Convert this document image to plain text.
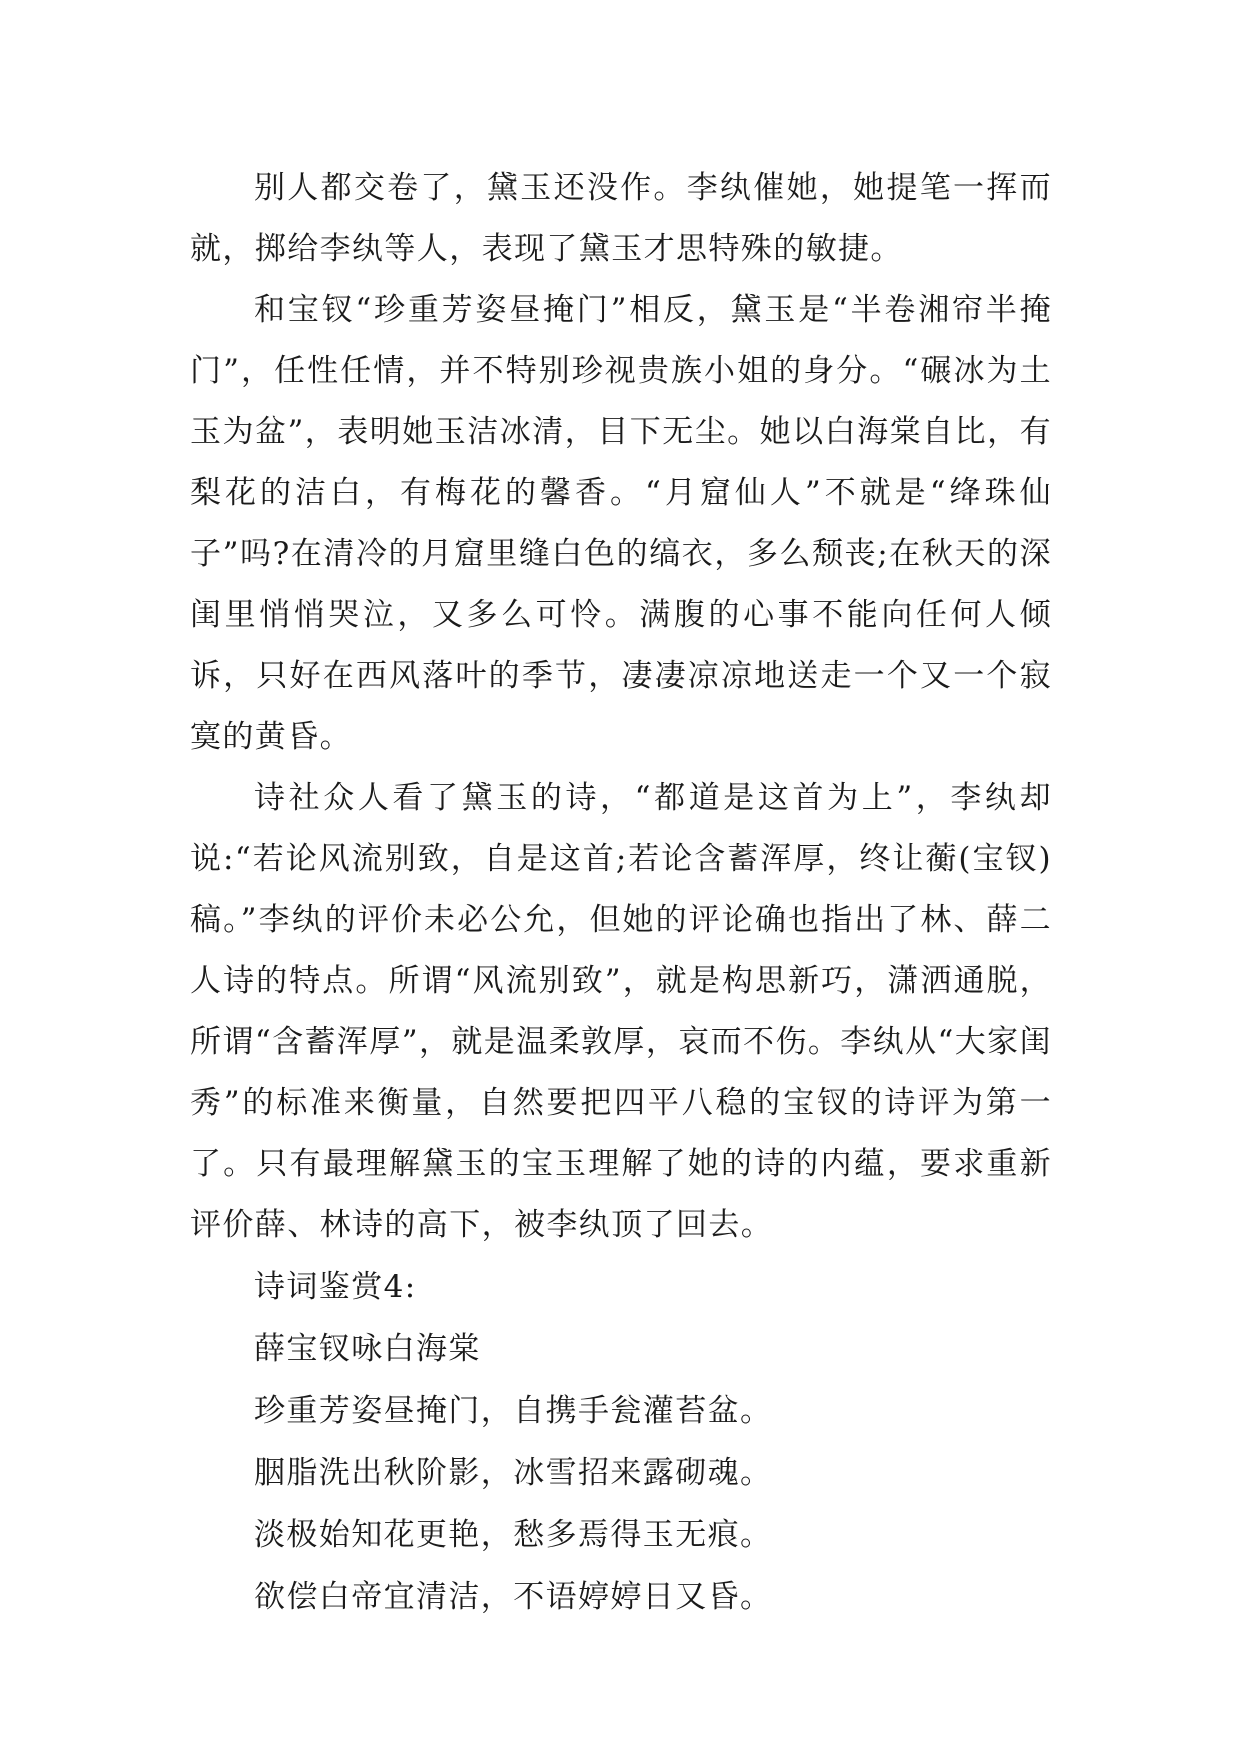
别人都交卷了，黛玉还没作。李纨催她，她提笔一挥而就，掷给李纨等人，表现了黛玉才思特殊的敏捷。

和宝钗“珍重芳姿昼掩门”相反，黛玉是“半卷湘帘半掩门”，任性任情，并不特别珍视贵族小姐的身分。“碾冰为土玉为盆”，表明她玉洁冰清，目下无尘。她以白海棠自比，有梨花的洁白，有梅花的馨香。“月窟仙人”不就是“绛珠仙子”吗?在清冷的月窟里缝白色的缟衣，多么颓丧;在秋天的深闺里悄悄哭泣，又多么可怜。满腹的心事不能向任何人倾诉，只好在西风落叶的季节，凄凄凉凉地送走一个又一个寂寞的黄昏。

诗社众人看了黛玉的诗，“都道是这首为上”，李纨却说:“若论风流别致，自是这首;若论含蓄浑厚，终让蘅(宝钗)稿。”李纨的评价未必公允，但她的评论确也指出了林、薛二人诗的特点。所谓“风流别致”，就是构思新巧，潇洒通脱，所谓“含蓄浑厚”，就是温柔敦厚，哀而不伤。李纨从“大家闺秀”的标准来衡量，自然要把四平八稳的宝钗的诗评为第一了。只有最理解黛玉的宝玉理解了她的诗的内蕴，要求重新评价薛、林诗的高下，被李纨顶了回去。

诗词鉴赏4:

薛宝钗咏白海棠

珍重芳姿昼掩门，自携手瓮灌苔盆。

胭脂洗出秋阶影，冰雪招来露砌魂。

淡极始知花更艳，愁多焉得玉无痕。

欲偿白帝宜清洁，不语婷婷日又昏。
